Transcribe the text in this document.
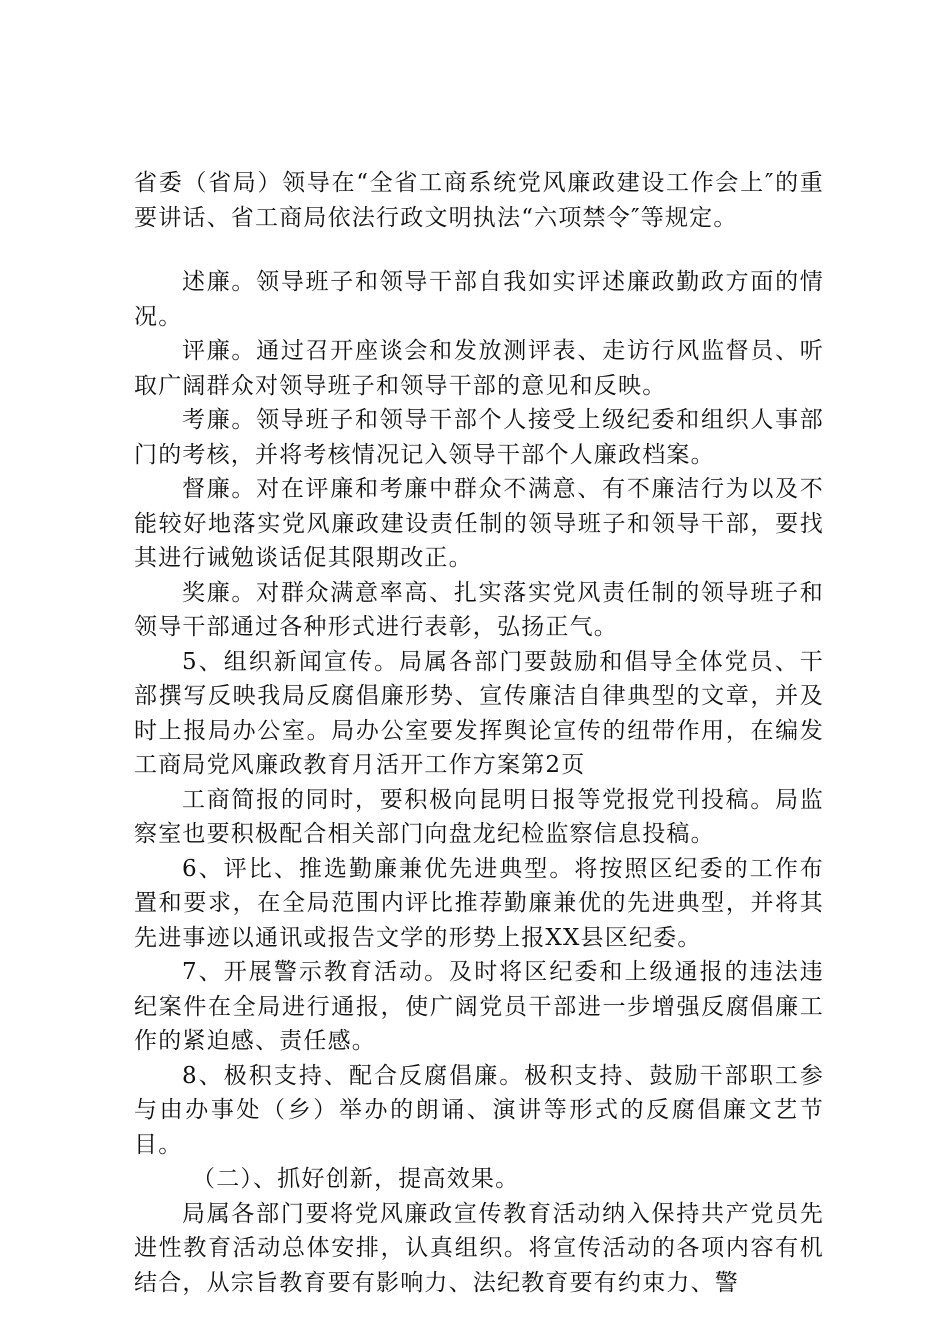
省委（省局）领导在“全省工商系统党风廉政建设工作会上″的重要讲话、省工商局依法行政文明执法“六项禁令″等规定。

述廉。领导班子和领导干部自我如实评述廉政勤政方面的情况。

评廉。通过召开座谈会和发放测评表、走访行风监督员、听取广阔群众对领导班子和领导干部的意见和反映。

考廉。领导班子和领导干部个人接受上级纪委和组织人事部门的考核，并将考核情况记入领导干部个人廉政档案。

督廉。对在评廉和考廉中群众不满意、有不廉洁行为以及不能较好地落实党风廉政建设责任制的领导班子和领导干部，要找其进行诫勉谈话促其限期改正。

奖廉。对群众满意率高、扎实落实党风责任制的领导班子和领导干部通过各种形式进行表彰，弘扬正气。

5、组织新闻宣传。局属各部门要鼓励和倡导全体党员、干部撰写反映我局反腐倡廉形势、宣传廉洁自律典型的文章，并及时上报局办公室。局办公室要发挥舆论宣传的纽带作用，在编发工商局党风廉政教育月活开工作方案第2页

工商简报的同时，要积极向昆明日报等党报党刊投稿。局监察室也要积极配合相关部门向盘龙纪检监察信息投稿。

6、评比、推选勤廉兼优先进典型。将按照区纪委的工作布置和要求，在全局范围内评比推荐勤廉兼优的先进典型，并将其先进事迹以通讯或报告文学的形势上报XX县区纪委。

7、开展警示教育活动。及时将区纪委和上级通报的违法违纪案件在全局进行通报，使广阔党员干部进一步增强反腐倡廉工作的紧迫感、责任感。

8、极积支持、配合反腐倡廉。极积支持、鼓励干部职工参与由办事处（乡）举办的朗诵、演讲等形式的反腐倡廉文艺节目。

（二）、抓好创新，提高效果。

局属各部门要将党风廉政宣传教育活动纳入保持共产党员先进性教育活动总体安排，认真组织。将宣传活动的各项内容有机结合，从宗旨教育要有影响力、法纪教育要有约束力、警
